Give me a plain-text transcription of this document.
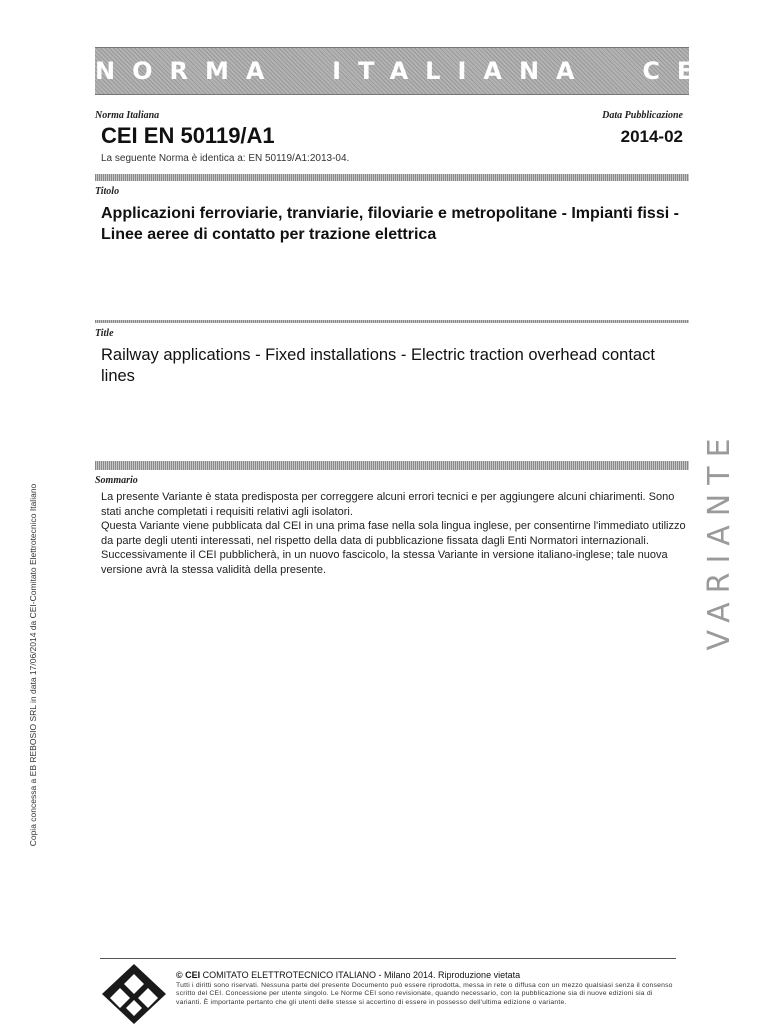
NORMA  ITALIANA  CEI
Norma Italiana	Data Pubblicazione
CEI EN 50119/A1	2014-02
La seguente Norma è identica a: EN 50119/A1:2013-04.
Titolo
Applicazioni ferroviarie, tranviarie, filoviarie e metropolitane - Impianti fissi - Linee aeree di contatto per trazione elettrica
Title
Railway applications - Fixed installations - Electric traction overhead contact lines
Sommario

La presente Variante è stata predisposta per correggere alcuni errori tecnici e per aggiungere alcuni chiarimenti. Sono stati anche completati i requisiti relativi agli isolatori.

Questa Variante viene pubblicata dal CEI in una prima fase nella sola lingua inglese, per consentirne l'immediato utilizzo da parte degli utenti interessati, nel rispetto della data di pubblicazione fissata dagli Enti Normatori internazionali.

Successivamente il CEI pubblicherà, in un nuovo fascicolo, la stessa Variante in versione italiano-inglese; tale nuova versione avrà la stessa validità della presente.

Copia concessa a EB REBOSIO SRL in data 17/06/2014 da CEI-Comitato Elettrotecnico Italiano	VARIANTE
© CEI COMITATO ELETTROTECNICO ITALIANO - Milano 2014. Riproduzione vietata
Tutti i diritti sono riservati. Nessuna parte del presente Documento può essere riprodotta, messa in rete o diffusa con un mezzo qualsiasi senza il consenso scritto del CEI. Concessione per utente singolo. Le Norme CEI sono revisionate, quando necessario, con la pubblicazione sia di nuove edizioni sia di varianti. È importante pertanto che gli utenti delle stesse si accertino di essere in possesso dell'ultima edizione o variante.
